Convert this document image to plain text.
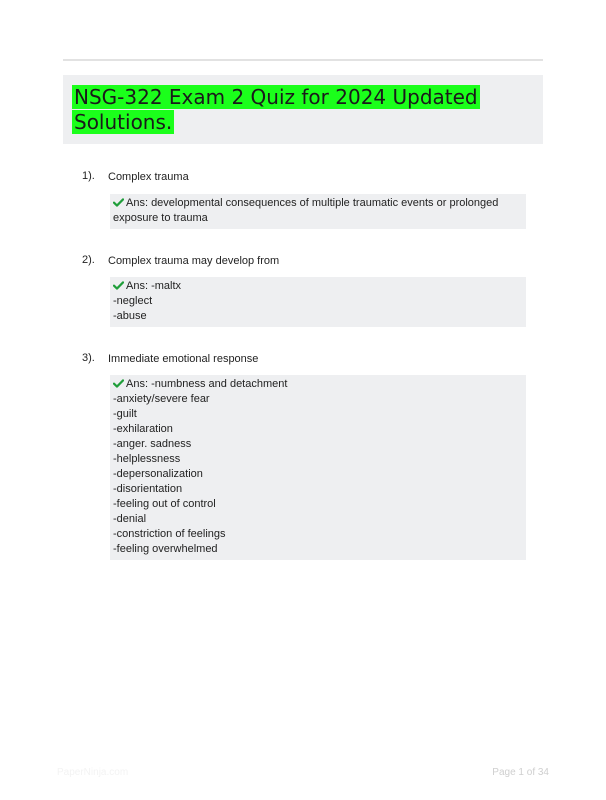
NSG-322 Exam 2 Quiz for 2024 Updated Solutions.
1). Complex trauma
Ans: developmental consequences of multiple traumatic events or prolonged exposure to trauma
2). Complex trauma may develop from
Ans: -maltx
-neglect
-abuse
3). Immediate emotional response
Ans: -numbness and detachment
-anxiety/severe fear
-guilt
-exhilaration
-anger. sadness
-helplessness
-depersonalization
-disorientation
-feeling out of control
-denial
-constriction of feelings
-feeling overwhelmed
PaperNinja.com	Page 1 of 34
